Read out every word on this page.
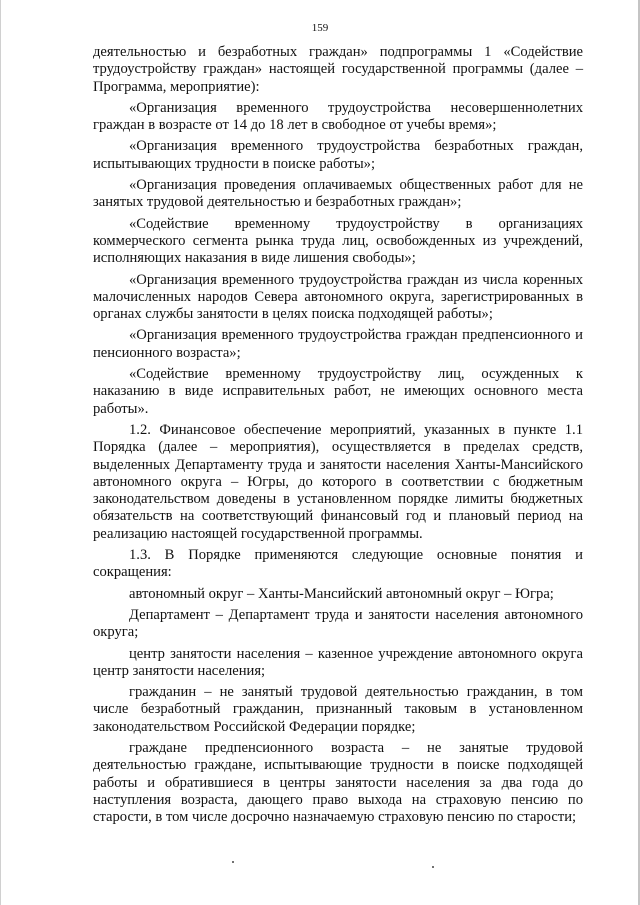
159

деятельностью и безработных граждан» подпрограммы 1 «Содействие трудоустройству граждан» настоящей государственной программы (далее – Программа, мероприятие):

«Организация временного трудоустройства несовершеннолетних граждан в возрасте от 14 до 18 лет в свободное от учебы время»;

«Организация временного трудоустройства безработных граждан, испытывающих трудности в поиске работы»;

«Организация проведения оплачиваемых общественных работ для не занятых трудовой деятельностью и безработных граждан»;

«Содействие временному трудоустройству в организациях коммерческого сегмента рынка труда лиц, освобожденных из учреждений, исполняющих наказания в виде лишения свободы»;

«Организация временного трудоустройства граждан из числа коренных малочисленных народов Севера автономного округа, зарегистрированных в органах службы занятости в целях поиска подходящей работы»;

«Организация временного трудоустройства граждан предпенсионного и пенсионного возраста»;

«Содействие временному трудоустройству лиц, осужденных к наказанию в виде исправительных работ, не имеющих основного места работы».

1.2. Финансовое обеспечение мероприятий, указанных в пункте 1.1 Порядка (далее – мероприятия), осуществляется в пределах средств, выделенных Департаменту труда и занятости населения Ханты-Мансийского автономного округа – Югры, до которого в соответствии с бюджетным законодательством доведены в установленном порядке лимиты бюджетных обязательств на соответствующий финансовый год и плановый период на реализацию настоящей государственной программы.

1.3. В Порядке применяются следующие основные понятия и сокращения:

автономный округ – Ханты-Мансийский автономный округ – Югра;

Департамент – Департамент труда и занятости населения автономного округа;

центр занятости населения – казенное учреждение автономного округа центр занятости населения;

гражданин – не занятый трудовой деятельностью гражданин, в том числе безработный гражданин, признанный таковым в установленном законодательством Российской Федерации порядке;

граждане предпенсионного возраста – не занятые трудовой деятельностью граждане, испытывающие трудности в поиске подходящей работы и обратившиеся в центры занятости населения за два года до наступления возраста, дающего право выхода на страховую пенсию по старости, в том числе досрочно назначаемую страховую пенсию по старости;
